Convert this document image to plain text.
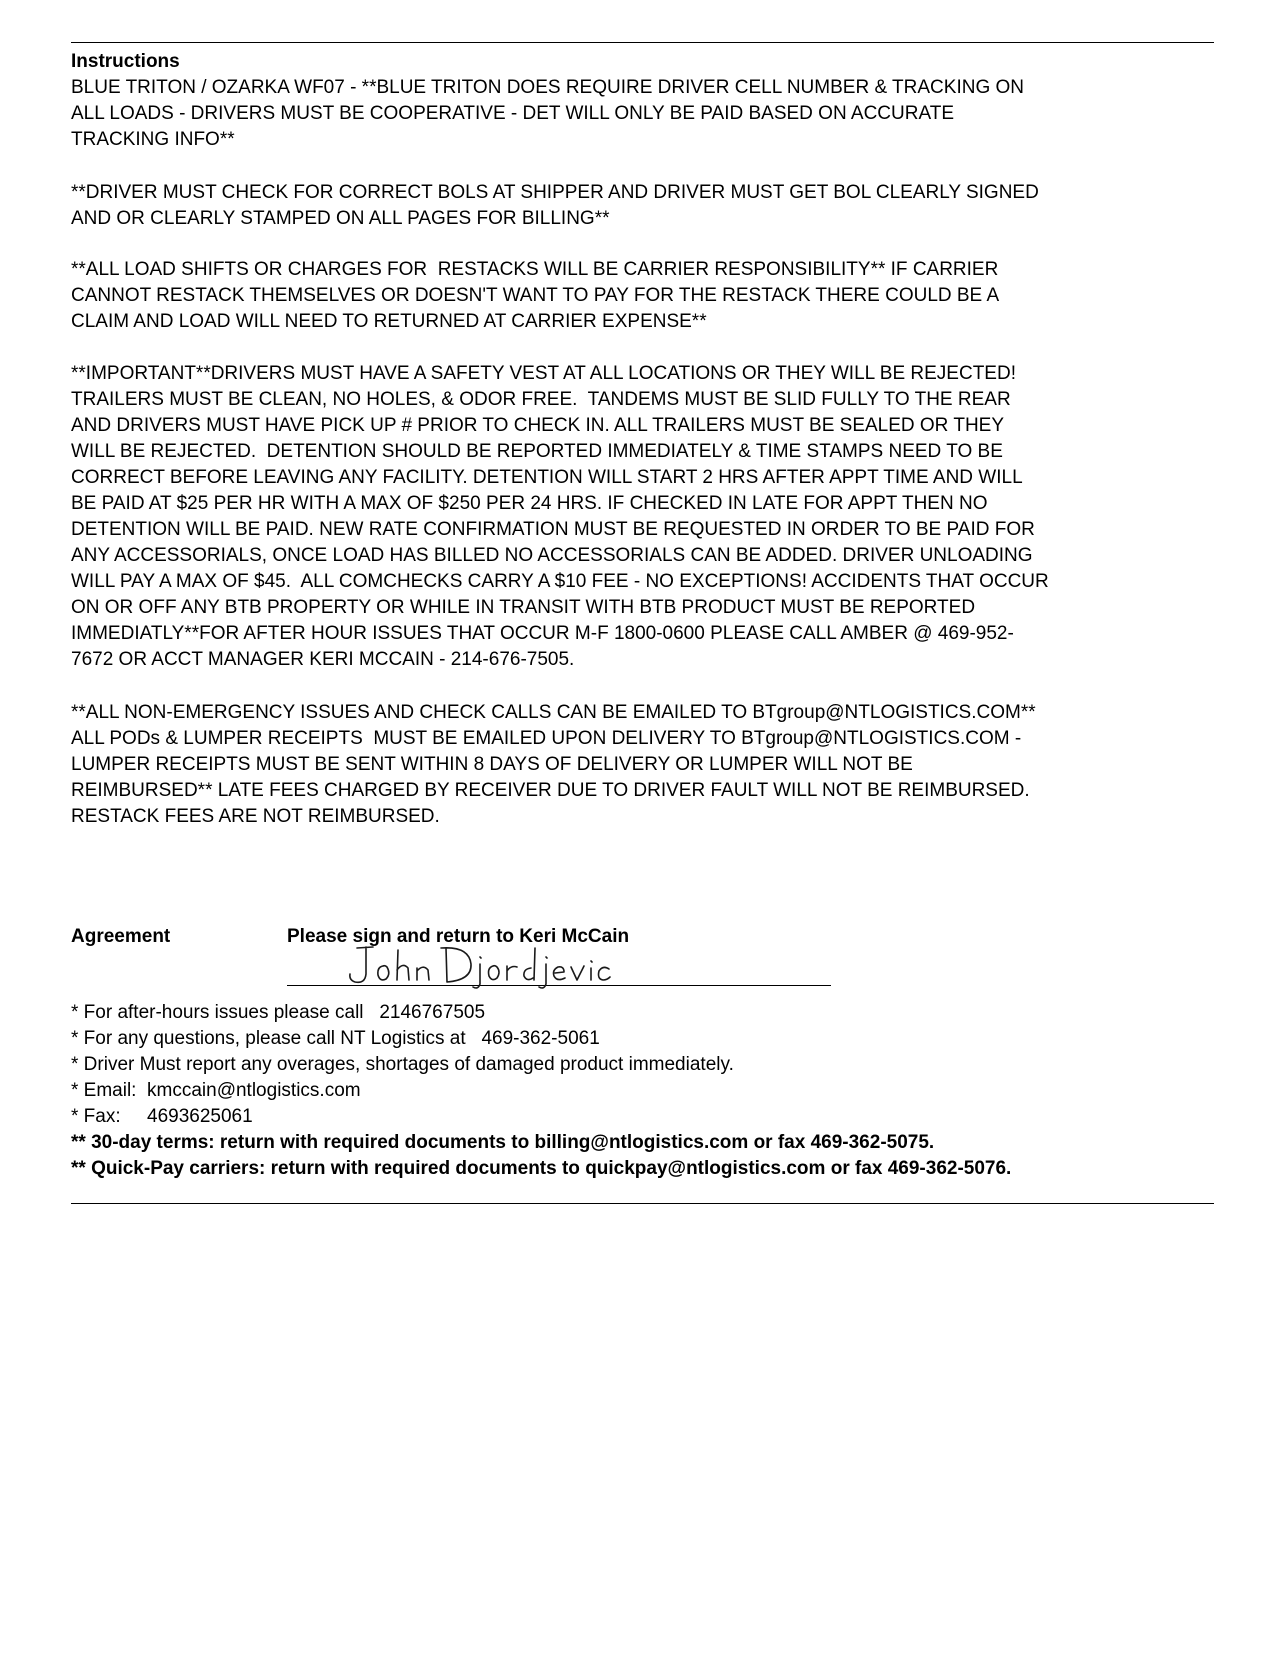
Instructions
BLUE TRITON / OZARKA WF07 - **BLUE TRITON DOES REQUIRE DRIVER CELL NUMBER & TRACKING ON
ALL LOADS - DRIVERS MUST BE COOPERATIVE - DET WILL ONLY BE PAID BASED ON ACCURATE
TRACKING INFO**
**DRIVER MUST CHECK FOR CORRECT BOLS AT SHIPPER AND DRIVER MUST GET BOL CLEARLY SIGNED
AND OR CLEARLY STAMPED ON ALL PAGES FOR BILLING**
**ALL LOAD SHIFTS OR CHARGES FOR  RESTACKS WILL BE CARRIER RESPONSIBILITY** IF CARRIER
CANNOT RESTACK THEMSELVES OR DOESN'T WANT TO PAY FOR THE RESTACK THERE COULD BE A
CLAIM AND LOAD WILL NEED TO RETURNED AT CARRIER EXPENSE**
**IMPORTANT**DRIVERS MUST HAVE A SAFETY VEST AT ALL LOCATIONS OR THEY WILL BE REJECTED!
TRAILERS MUST BE CLEAN, NO HOLES, & ODOR FREE.  TANDEMS MUST BE SLID FULLY TO THE REAR
AND DRIVERS MUST HAVE PICK UP # PRIOR TO CHECK IN. ALL TRAILERS MUST BE SEALED OR THEY
WILL BE REJECTED.  DETENTION SHOULD BE REPORTED IMMEDIATELY & TIME STAMPS NEED TO BE
CORRECT BEFORE LEAVING ANY FACILITY. DETENTION WILL START 2 HRS AFTER APPT TIME AND WILL
BE PAID AT $25 PER HR WITH A MAX OF $250 PER 24 HRS. IF CHECKED IN LATE FOR APPT THEN NO
DETENTION WILL BE PAID. NEW RATE CONFIRMATION MUST BE REQUESTED IN ORDER TO BE PAID FOR
ANY ACCESSORIALS, ONCE LOAD HAS BILLED NO ACCESSORIALS CAN BE ADDED. DRIVER UNLOADING
WILL PAY A MAX OF $45.  ALL COMCHECKS CARRY A $10 FEE - NO EXCEPTIONS! ACCIDENTS THAT OCCUR
ON OR OFF ANY BTB PROPERTY OR WHILE IN TRANSIT WITH BTB PRODUCT MUST BE REPORTED
IMMEDIATLY**FOR AFTER HOUR ISSUES THAT OCCUR M-F 1800-0600 PLEASE CALL AMBER @ 469-952-
7672 OR ACCT MANAGER KERI MCCAIN - 214-676-7505.
**ALL NON-EMERGENCY ISSUES AND CHECK CALLS CAN BE EMAILED TO BTgroup@NTLOGISTICS.COM**
ALL PODs & LUMPER RECEIPTS  MUST BE EMAILED UPON DELIVERY TO BTgroup@NTLOGISTICS.COM -
LUMPER RECEIPTS MUST BE SENT WITHIN 8 DAYS OF DELIVERY OR LUMPER WILL NOT BE
REIMBURSED** LATE FEES CHARGED BY RECEIVER DUE TO DRIVER FAULT WILL NOT BE REIMBURSED.
RESTACK FEES ARE NOT REIMBURSED.
Agreement	Please sign and return to Keri McCain
* For after-hours issues please call   2146767505
* For any questions, please call NT Logistics at   469-362-5061
* Driver Must report any overages, shortages of damaged product immediately.
* Email:  kmccain@ntlogistics.com
* Fax:     4693625061
** 30-day terms: return with required documents to billing@ntlogistics.com or fax 469-362-5075.
** Quick-Pay carriers: return with required documents to quickpay@ntlogistics.com or fax 469-362-5076.
